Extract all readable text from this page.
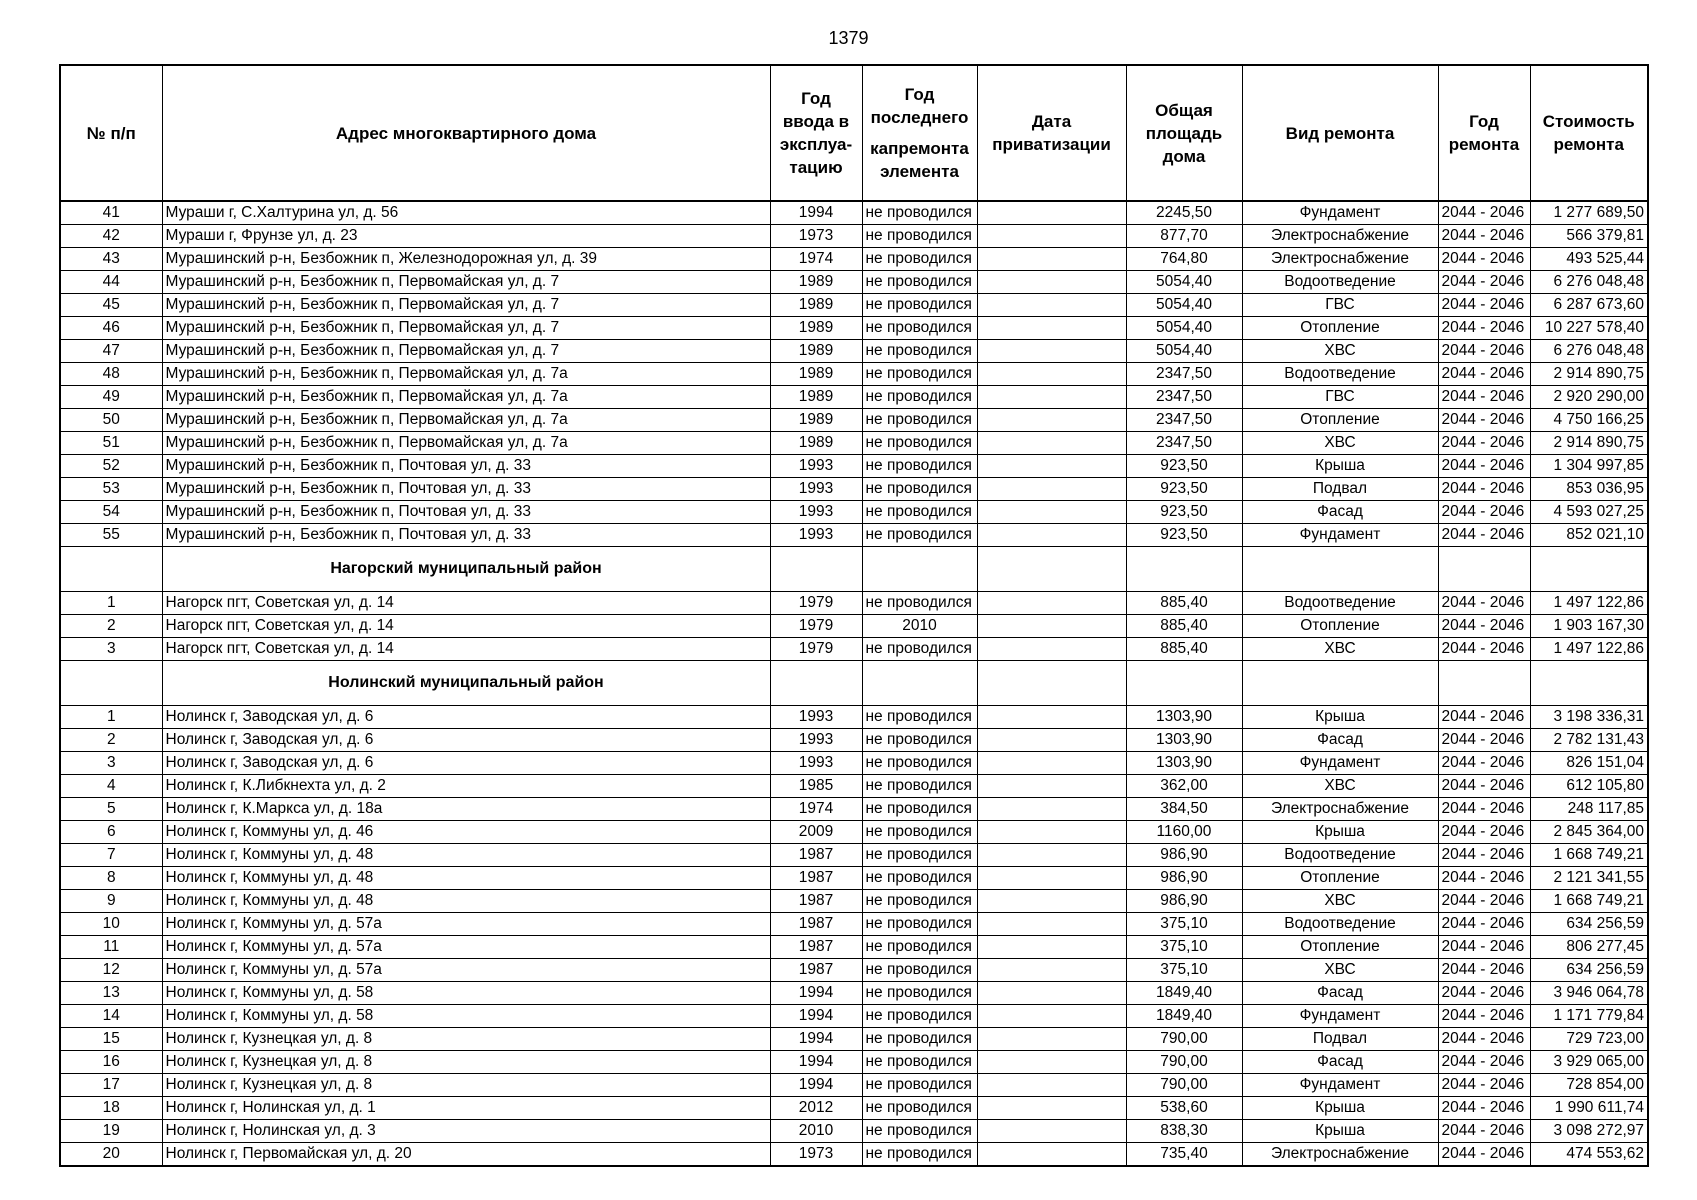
1379
№ п/п	Адрес многоквартирного дома	Год ввода в эксплуа-тацию	Год последнего
капремонта элемента	Дата приватизации	Общая площадь дома	Вид ремонта	Год ремонта	Стоимость ремонта
41	Мураши г, С.Халтурина ул, д. 56	1994	не проводился		2245,50	Фундамент	2044 - 2046	1 277 689,50
42	Мураши г, Фрунзе ул, д. 23	1973	не проводился		877,70	Электроснабжение	2044 - 2046	566 379,81
43	Мурашинский р-н, Безбожник п, Железнодорожная ул, д. 39	1974	не проводился		764,80	Электроснабжение	2044 - 2046	493 525,44
44	Мурашинский р-н, Безбожник п, Первомайская ул, д. 7	1989	не проводился		5054,40	Водоотведение	2044 - 2046	6 276 048,48
45	Мурашинский р-н, Безбожник п, Первомайская ул, д. 7	1989	не проводился		5054,40	ГВС	2044 - 2046	6 287 673,60
46	Мурашинский р-н, Безбожник п, Первомайская ул, д. 7	1989	не проводился		5054,40	Отопление	2044 - 2046	10 227 578,40
47	Мурашинский р-н, Безбожник п, Первомайская ул, д. 7	1989	не проводился		5054,40	ХВС	2044 - 2046	6 276 048,48
48	Мурашинский р-н, Безбожник п, Первомайская ул, д. 7а	1989	не проводился		2347,50	Водоотведение	2044 - 2046	2 914 890,75
49	Мурашинский р-н, Безбожник п, Первомайская ул, д. 7а	1989	не проводился		2347,50	ГВС	2044 - 2046	2 920 290,00
50	Мурашинский р-н, Безбожник п, Первомайская ул, д. 7а	1989	не проводился		2347,50	Отопление	2044 - 2046	4 750 166,25
51	Мурашинский р-н, Безбожник п, Первомайская ул, д. 7а	1989	не проводился		2347,50	ХВС	2044 - 2046	2 914 890,75
52	Мурашинский р-н, Безбожник п, Почтовая ул, д. 33	1993	не проводился		923,50	Крыша	2044 - 2046	1 304 997,85
53	Мурашинский р-н, Безбожник п, Почтовая ул, д. 33	1993	не проводился		923,50	Подвал	2044 - 2046	853 036,95
54	Мурашинский р-н, Безбожник п, Почтовая ул, д. 33	1993	не проводился		923,50	Фасад	2044 - 2046	4 593 027,25
55	Мурашинский р-н, Безбожник п, Почтовая ул, д. 33	1993	не проводился		923,50	Фундамент	2044 - 2046	852 021,10
	Нагорский муниципальный район							
1	Нагорск пгт, Советская ул, д. 14	1979	не проводился		885,40	Водоотведение	2044 - 2046	1 497 122,86
2	Нагорск пгт, Советская ул, д. 14	1979	2010		885,40	Отопление	2044 - 2046	1 903 167,30
3	Нагорск пгт, Советская ул, д. 14	1979	не проводился		885,40	ХВС	2044 - 2046	1 497 122,86
	Нолинский муниципальный район							
1	Нолинск г, Заводская ул, д. 6	1993	не проводился		1303,90	Крыша	2044 - 2046	3 198 336,31
2	Нолинск г, Заводская ул, д. 6	1993	не проводился		1303,90	Фасад	2044 - 2046	2 782 131,43
3	Нолинск г, Заводская ул, д. 6	1993	не проводился		1303,90	Фундамент	2044 - 2046	826 151,04
4	Нолинск г, К.Либкнехта ул, д. 2	1985	не проводился		362,00	ХВС	2044 - 2046	612 105,80
5	Нолинск г, К.Маркса ул, д. 18а	1974	не проводился		384,50	Электроснабжение	2044 - 2046	248 117,85
6	Нолинск г, Коммуны ул, д. 46	2009	не проводился		1160,00	Крыша	2044 - 2046	2 845 364,00
7	Нолинск г, Коммуны ул, д. 48	1987	не проводился		986,90	Водоотведение	2044 - 2046	1 668 749,21
8	Нолинск г, Коммуны ул, д. 48	1987	не проводился		986,90	Отопление	2044 - 2046	2 121 341,55
9	Нолинск г, Коммуны ул, д. 48	1987	не проводился		986,90	ХВС	2044 - 2046	1 668 749,21
10	Нолинск г, Коммуны ул, д. 57а	1987	не проводился		375,10	Водоотведение	2044 - 2046	634 256,59
11	Нолинск г, Коммуны ул, д. 57а	1987	не проводился		375,10	Отопление	2044 - 2046	806 277,45
12	Нолинск г, Коммуны ул, д. 57а	1987	не проводился		375,10	ХВС	2044 - 2046	634 256,59
13	Нолинск г, Коммуны ул, д. 58	1994	не проводился		1849,40	Фасад	2044 - 2046	3 946 064,78
14	Нолинск г, Коммуны ул, д. 58	1994	не проводился		1849,40	Фундамент	2044 - 2046	1 171 779,84
15	Нолинск г, Кузнецкая ул, д. 8	1994	не проводился		790,00	Подвал	2044 - 2046	729 723,00
16	Нолинск г, Кузнецкая ул, д. 8	1994	не проводился		790,00	Фасад	2044 - 2046	3 929 065,00
17	Нолинск г, Кузнецкая ул, д. 8	1994	не проводился		790,00	Фундамент	2044 - 2046	728 854,00
18	Нолинск г, Нолинская ул, д. 1	2012	не проводился		538,60	Крыша	2044 - 2046	1 990 611,74
19	Нолинск г, Нолинская ул, д. 3	2010	не проводился		838,30	Крыша	2044 - 2046	3 098 272,97
20	Нолинск г, Первомайская ул, д. 20	1973	не проводился		735,40	Электроснабжение	2044 - 2046	474 553,62
